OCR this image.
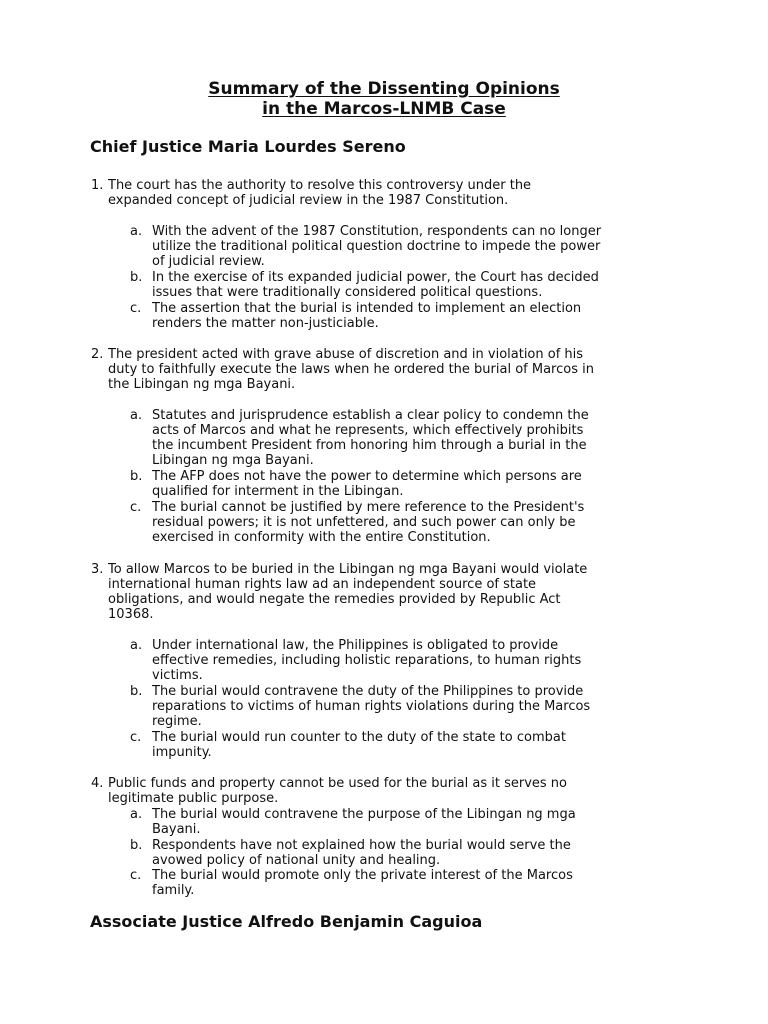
Summary of the Dissenting Opinions
in the Marcos-LNMB Case
Chief Justice Maria Lourdes Sereno
1. The court has the authority to resolve this controversy under the
expanded concept of judicial review in the 1987 Constitution.
a. With the advent of the 1987 Constitution, respondents can no longer
utilize the traditional political question doctrine to impede the power
of judicial review.
b. In the exercise of its expanded judicial power, the Court has decided
issues that were traditionally considered political questions.
c. The assertion that the burial is intended to implement an election
renders the matter non-justiciable.
2. The president acted with grave abuse of discretion and in violation of his
duty to faithfully execute the laws when he ordered the burial of Marcos in
the Libingan ng mga Bayani.
a. Statutes and jurisprudence establish a clear policy to condemn the
acts of Marcos and what he represents, which effectively prohibits
the incumbent President from honoring him through a burial in the
Libingan ng mga Bayani.
b. The AFP does not have the power to determine which persons are
qualified for interment in the Libingan.
c. The burial cannot be justified by mere reference to the President's
residual powers; it is not unfettered, and such power can only be
exercised in conformity with the entire Constitution.
3. To allow Marcos to be buried in the Libingan ng mga Bayani would violate
international human rights law ad an independent source of state
obligations, and would negate the remedies provided by Republic Act
10368.
a. Under international law, the Philippines is obligated to provide
effective remedies, including holistic reparations, to human rights
victims.
b. The burial would contravene the duty of the Philippines to provide
reparations to victims of human rights violations during the Marcos
regime.
c. The burial would run counter to the duty of the state to combat
impunity.
4. Public funds and property cannot be used for the burial as it serves no
legitimate public purpose.
a. The burial would contravene the purpose of the Libingan ng mga
Bayani.
b. Respondents have not explained how the burial would serve the
avowed policy of national unity and healing.
c. The burial would promote only the private interest of the Marcos
family.
Associate Justice Alfredo Benjamin Caguioa
